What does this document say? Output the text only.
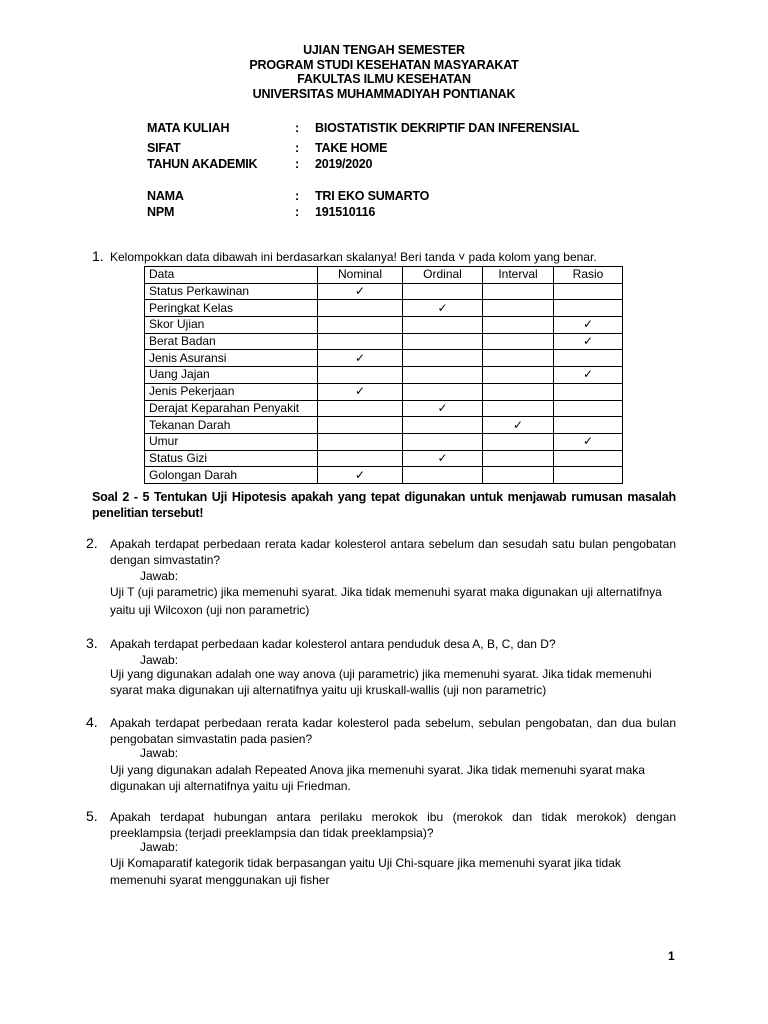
UJIAN TENGAH SEMESTER
PROGRAM STUDI KESEHATAN MASYARAKAT
FAKULTAS ILMU KESEHATAN
UNIVERSITAS MUHAMMADIYAH PONTIANAK
MATA KULIAH	: BIOSTATISTIK DEKRIPTIF DAN INFERENSIAL
SIFAT	: TAKE HOME
TAHUN AKADEMIK	: 2019/2020
NAMA	: TRI EKO SUMARTO
NPM	: 191510116
1. Kelompokkan data dibawah ini berdasarkan skalanya! Beri tanda ˅ pada kolom yang benar.
Data	Nominal	Ordinal	Interval	Rasio
Status Perkawinan	✓			
Peringkat Kelas		✓		
Skor Ujian				✓
Berat Badan				✓
Jenis Asuransi	✓			
Uang Jajan				✓
Jenis Pekerjaan	✓			
Derajat Keparahan Penyakit		✓		
Tekanan Darah			✓	
Umur				✓
Status Gizi		✓		
Golongan Darah	✓			
Soal 2 - 5 Tentukan Uji Hipotesis apakah yang tepat digunakan untuk menjawab rumusan masalah penelitian tersebut!
2. Apakah terdapat perbedaan rerata kadar kolesterol antara sebelum dan sesudah satu bulan pengobatan dengan simvastatin?
Jawab:
Uji T (uji parametric) jika memenuhi syarat. Jika tidak memenuhi syarat maka digunakan uji alternatifnya yaitu uji Wilcoxon (uji non parametric)
3. Apakah terdapat perbedaan kadar kolesterol antara penduduk desa A, B, C, dan D?
Jawab:
Uji yang digunakan adalah one way anova (uji parametric) jika memenuhi syarat. Jika tidak memenuhi syarat maka digunakan uji alternatifnya yaitu uji kruskall-wallis (uji non parametric)
4. Apakah terdapat perbedaan rerata kadar kolesterol pada sebelum, sebulan pengobatan, dan dua bulan pengobatan simvastatin pada pasien?
Jawab:
Uji yang digunakan adalah Repeated Anova jika memenuhi syarat. Jika tidak memenuhi syarat maka digunakan uji alternatifnya yaitu uji Friedman.
5. Apakah terdapat hubungan antara perilaku merokok ibu (merokok dan tidak merokok) dengan preeklampsia (terjadi preeklampsia dan tidak preeklampsia)?
Jawab:
Uji Komaparatif kategorik tidak berpasangan yaitu Uji Chi-square jika memenuhi syarat jika tidak memenuhi syarat menggunakan uji fisher
1
